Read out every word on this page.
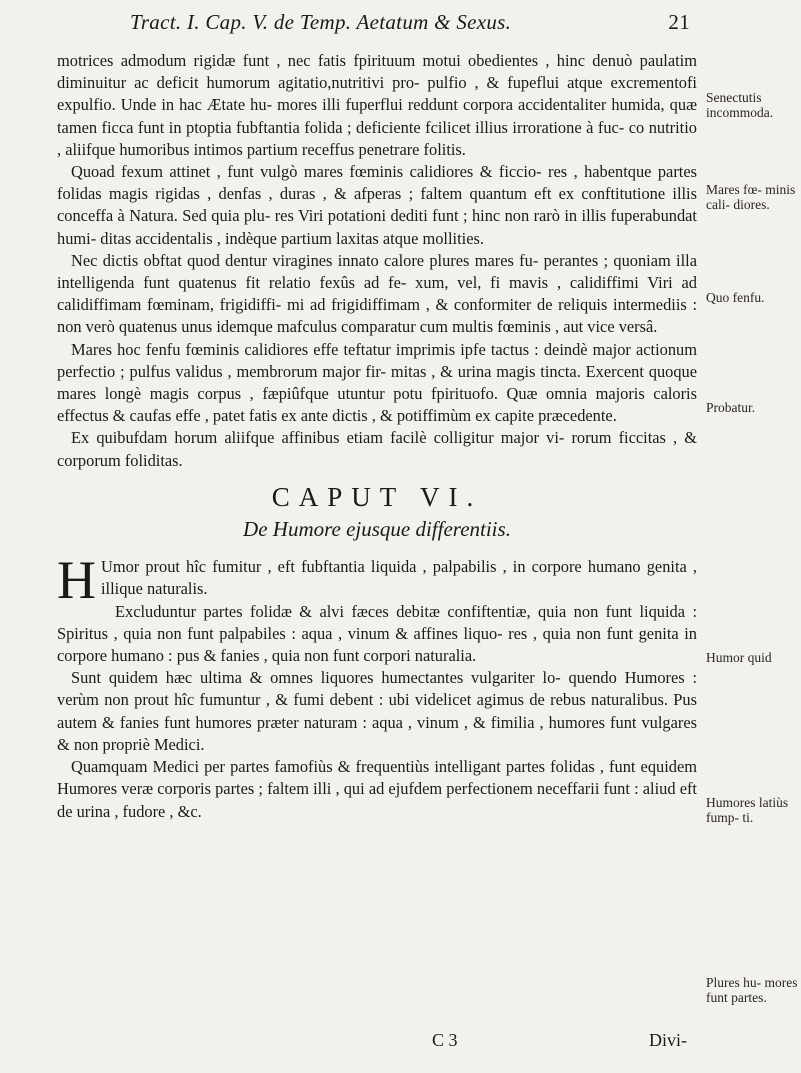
Tract. I. Cap. V. de Temp. Aetatum & Sexus.	21

motrices admodum rigidæ funt , nec fatis fpirituum motui obedientes , hinc denuò paulatim diminuitur ac deficit humorum agitatio,nutritivi pro- pulfio , & fupeflui atque excrementofi expulfio. Unde in hac Ætate hu- mores illi fuperflui reddunt corpora accidentaliter humida, quæ tamen ficca funt in ptoptia fubftantia folida ; deficiente fcilicet illius irroratione à fuc- co nutritio , aliifque humoribus intimos partium receffus penetrare folitis.

Quoad fexum attinet , funt vulgò mares fœminis calidiores & ficcio- res , habentque partes folidas magis rigidas , denfas , duras , & afperas ; faltem quantum eft ex conftitutione illis conceffa à Natura. Sed quia plu- res Viri potationi dediti funt ; hinc non rarò in illis fuperabundat humi- ditas accidentalis , indèque partium laxitas atque mollities.

Nec dictis obftat quod dentur viragines innato calore plures mares fu- perantes ; quoniam illa intelligenda funt quatenus fit relatio fexûs ad fe- xum, vel, fi mavis , calidiffimi Viri ad calidiffimam fœminam, frigidiffi- mi ad frigidiffimam , & conformiter de reliquis intermediis : non verò quatenus unus idemque mafculus comparatur cum multis fœminis , aut vice versâ.

Mares hoc fenfu fœminis calidiores effe teftatur imprimis ipfe tactus : deindè major actionum perfectio ; pulfus validus , membrorum major fir- mitas , & urina magis tincta. Exercent quoque mares longè magis corpus , fæpiûfque utuntur potu fpirituofo. Quæ omnia majoris caloris effectus & caufas effe , patet fatis ex ante dictis , & potiffimùm ex capite præcedente.

Ex quibufdam horum aliifque affinibus etiam facilè colligitur major vi- rorum ficcitas , & corporum foliditas.

CAPUT VI.
De Humore ejusque differentiis.

H Umor prout hîc fumitur , eft fubftantia liquida , palpabilis , in corpore humano genita , illique naturalis.

Excluduntur partes folidæ & alvi fæces debitæ confiftentiæ, quia non funt liquida : Spiritus , quia non funt palpabiles : aqua , vinum & affines liquo- res , quia non funt genita in corpore humano : pus & fanies , quia non funt corpori naturalia.

Sunt quidem hæc ultima & omnes liquores humectantes vulgariter lo- quendo Humores : verùm non prout hîc fumuntur , & fumi debent : ubi videlicet agimus de rebus naturalibus. Pus autem & fanies funt humores præter naturam : aqua , vinum , & fimilia , humores funt vulgares & non propriè Medici.

Quamquam Medici per partes famofiùs & frequentiùs intelligant partes folidas , funt equidem Humores veræ corporis partes ; faltem illi , qui ad ejufdem perfectionem neceffarii funt : aliud eft de urina , fudore , &c.

Senectutis incommoda.
Mares fœ- minis cali- diores.
Quo fenfu.
Probatur.
Humor quid
Humores latiùs fump- ti.
Plures hu- mores funt partes.
C 3	Divi-
